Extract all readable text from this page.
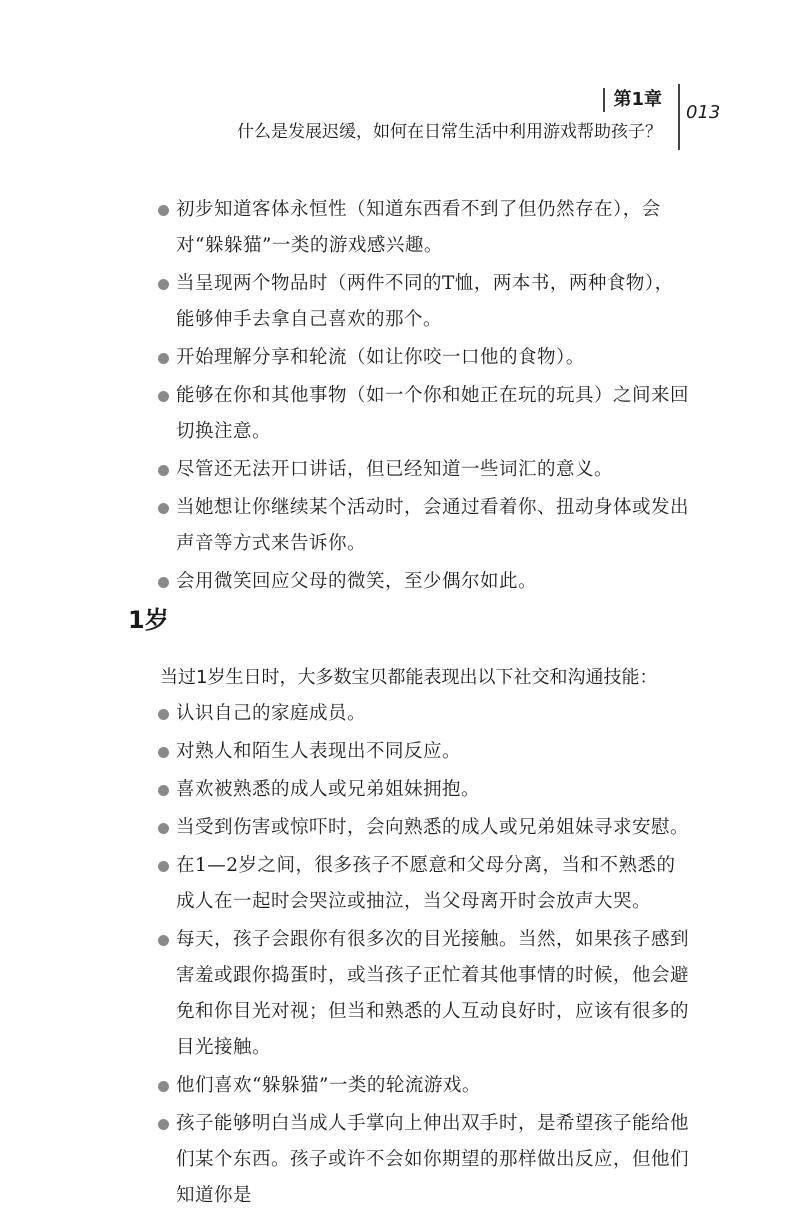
第1章
什么是发展迟缓，如何在日常生活中利用游戏帮助孩子？
013
初步知道客体永恒性（知道东西看不到了但仍然存在），会对“躲躲猫”一类的游戏感兴趣。
当呈现两个物品时（两件不同的T恤，两本书，两种食物），能够伸手去拿自己喜欢的那个。
开始理解分享和轮流（如让你咬一口他的食物）。
能够在你和其他事物（如一个你和她正在玩的玩具）之间来回切换注意。
尽管还无法开口讲话，但已经知道一些词汇的意义。
当她想让你继续某个活动时，会通过看着你、扭动身体或发出声音等方式来告诉你。
会用微笑回应父母的微笑，至少偶尔如此。
1岁
当过1岁生日时，大多数宝贝都能表现出以下社交和沟通技能：
认识自己的家庭成员。
对熟人和陌生人表现出不同反应。
喜欢被熟悉的成人或兄弟姐妹拥抱。
当受到伤害或惊吓时，会向熟悉的成人或兄弟姐妹寻求安慰。
在1—2岁之间，很多孩子不愿意和父母分离，当和不熟悉的成人在一起时会哭泣或抽泣，当父母离开时会放声大哭。
每天，孩子会跟你有很多次的目光接触。当然，如果孩子感到害羞或跟你捣蛋时，或当孩子正忙着其他事情的时候，他会避免和你目光对视；但当和熟悉的人互动良好时，应该有很多的目光接触。
他们喜欢“躲躲猫”一类的轮流游戏。
孩子能够明白当成人手掌向上伸出双手时，是希望孩子能给他们某个东西。孩子或许不会如你期望的那样做出反应，但他们知道你是
